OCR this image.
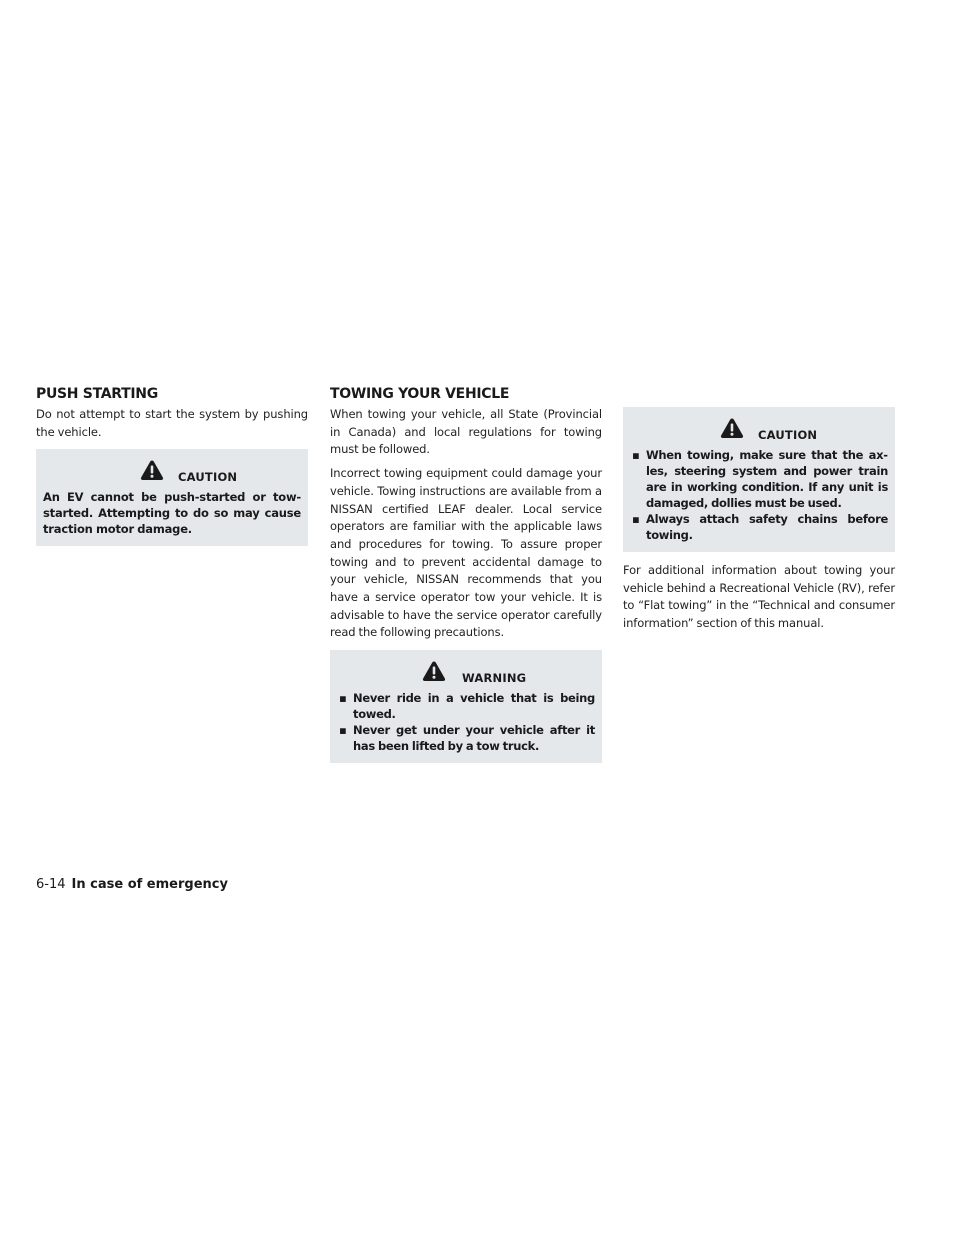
PUSH STARTING

Do not attempt to start the system by pushing the vehicle.

CAUTION

An EV cannot be push-started or tow-started. Attempting to do so may cause traction motor damage.

TOWING YOUR VEHICLE

When towing your vehicle, all State (Provincial in Canada) and local regulations for towing must be followed.

Incorrect towing equipment could damage your vehicle. Towing instructions are available from a NISSAN certified LEAF dealer. Local service operators are familiar with the applicable laws and procedures for towing. To assure proper towing and to prevent accidental damage to your vehicle, NISSAN recommends that you have a service operator tow your vehicle. It is advisable to have the service operator carefully read the following precautions.

WARNING
▪ Never ride in a vehicle that is being towed.
▪ Never get under your vehicle after it has been lifted by a tow truck.
CAUTION
▪ When towing, make sure that the axles, steering system and power train are in working condition. If any unit is damaged, dollies must be used.
▪ Always attach safety chains before towing.

For additional information about towing your vehicle behind a Recreational Vehicle (RV), refer to “Flat towing” in the “Technical and consumer information” section of this manual.

6-14 In case of emergency
